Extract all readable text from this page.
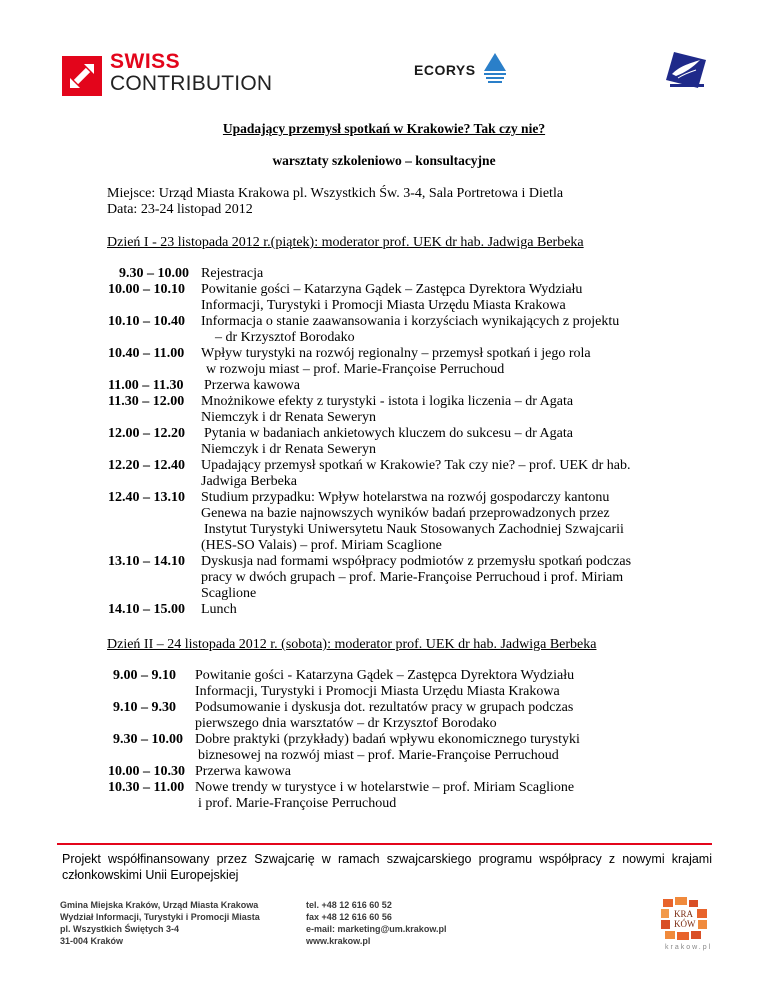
SWISS
CONTRIBUTION
ECORYS
Upadający przemysł spotkań w Krakowie? Tak czy nie?
warsztaty szkoleniowo – konsultacyjne
Miejsce: Urząd Miasta Krakowa pl. Wszystkich Św. 3-4, Sala Portretowa i Dietla
Data: 23-24 listopad 2012
Dzień I - 23 listopada 2012 r.(piątek): moderator prof. UEK dr hab. Jadwiga Berbeka
9.30 – 10.00 Rejestracja
10.00 – 10.10 Powitanie gości – Katarzyna Gądek – Zastępca Dyrektora Wydziału
Informacji, Turystyki i Promocji Miasta Urzędu Miasta Krakowa
10.10 – 10.40 Informacja o stanie zaawansowania i korzyściach wynikających z projektu
– dr Krzysztof Borodako
10.40 – 11.00 Wpływ turystyki na rozwój regionalny – przemysł spotkań i jego rola
w rozwoju miast – prof. Marie-Françoise Perruchoud
11.00 – 11.30 Przerwa kawowa
11.30 – 12.00 Mnożnikowe efekty z turystyki - istota i logika liczenia – dr Agata
Niemczyk i dr Renata Seweryn
12.00 – 12.20 Pytania w badaniach ankietowych kluczem do sukcesu – dr Agata
Niemczyk i dr Renata Seweryn
12.20 – 12.40 Upadający przemysł spotkań w Krakowie? Tak czy nie? – prof. UEK dr hab.
Jadwiga Berbeka
12.40 – 13.10 Studium przypadku: Wpływ hotelarstwa na rozwój gospodarczy kantonu
Genewa na bazie najnowszych wyników badań przeprowadzonych przez
Instytut Turystyki Uniwersytetu Nauk Stosowanych Zachodniej Szwajcarii
(HES-SO Valais) – prof. Miriam Scaglione
13.10 – 14.10 Dyskusja nad formami współpracy podmiotów z przemysłu spotkań podczas
pracy w dwóch grupach – prof. Marie-Françoise Perruchoud i prof. Miriam
Scaglione
14.10 – 15.00 Lunch
Dzień II – 24 listopada 2012 r. (sobota): moderator prof. UEK dr hab. Jadwiga Berbeka
9.00 – 9.10 Powitanie gości - Katarzyna Gądek – Zastępca Dyrektora Wydziału
Informacji, Turystyki i Promocji Miasta Urzędu Miasta Krakowa
9.10 – 9.30 Podsumowanie i dyskusja dot. rezultatów pracy w grupach podczas
pierwszego dnia warsztatów – dr Krzysztof Borodako
9.30 – 10.00 Dobre praktyki (przykłady) badań wpływu ekonomicznego turystyki
biznesowej na rozwój miast – prof. Marie-Françoise Perruchoud
10.00 – 10.30 Przerwa kawowa
10.30 – 11.00 Nowe trendy w turystyce i w hotelarstwie – prof. Miriam Scaglione
i prof. Marie-Françoise Perruchoud
Projekt współfinansowany przez Szwajcarię w ramach szwajcarskiego programu współpracy z nowymi krajami członkowskimi Unii Europejskiej
Gmina Miejska Kraków, Urząd Miasta Krakowa
Wydział Informacji, Turystyki i Promocji Miasta
pl. Wszystkich Świętych 3-4
31-004 Kraków
tel. +48 12 616 60 52
fax +48 12 616 60 56
e-mail: marketing@um.krakow.pl
www.krakow.pl
KRA
KÓW
krakow.pl
